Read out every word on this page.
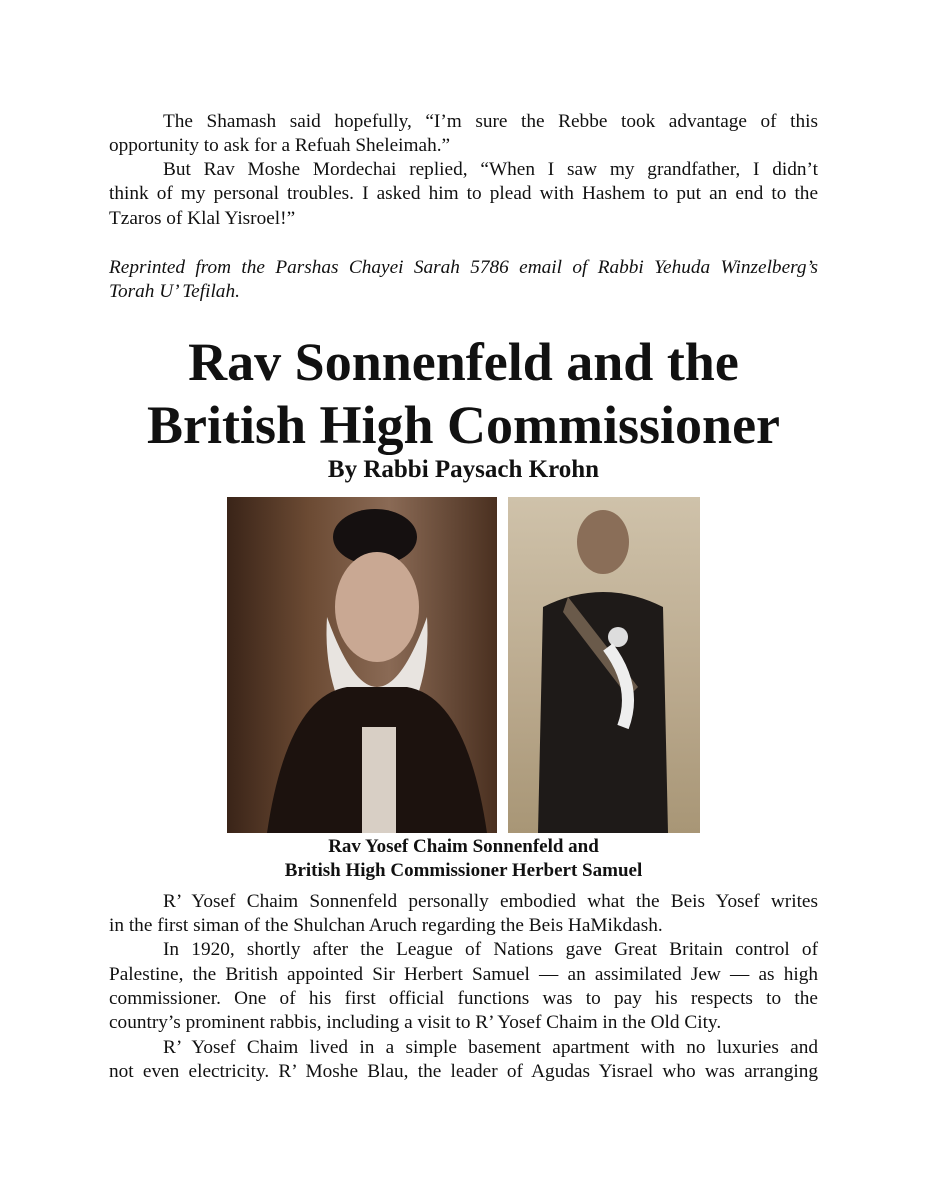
The Shamash said hopefully, “I’m sure the Rebbe took advantage of this
opportunity to ask for a Refuah Sheleimah.”
But Rav Moshe Mordechai replied, “When I saw my grandfather, I didn’t
think of my personal troubles. I asked him to plead with Hashem to put an end to the
Tzaros of Klal Yisroel!”
Reprinted from the Parshas Chayei Sarah 5786 email of Rabbi Yehuda Winzelberg’s
Torah U’ Tefilah.
Rav Sonnenfeld and the
British High Commissioner
By Rabbi Paysach Krohn
Rav Yosef Chaim Sonnenfeld and
British High Commissioner Herbert Samuel
R’ Yosef Chaim Sonnenfeld personally embodied what the Beis Yosef writes
in the first siman of the Shulchan Aruch regarding the Beis HaMikdash.
In 1920, shortly after the League of Nations gave Great Britain control of
Palestine, the British appointed Sir Herbert Samuel — an assimilated Jew — as high
commissioner. One of his first official functions was to pay his respects to the
country’s prominent rabbis, including a visit to R’ Yosef Chaim in the Old City.
R’ Yosef Chaim lived in a simple basement apartment with no luxuries and
not even electricity. R’ Moshe Blau, the leader of Agudas Yisrael who was arranging
